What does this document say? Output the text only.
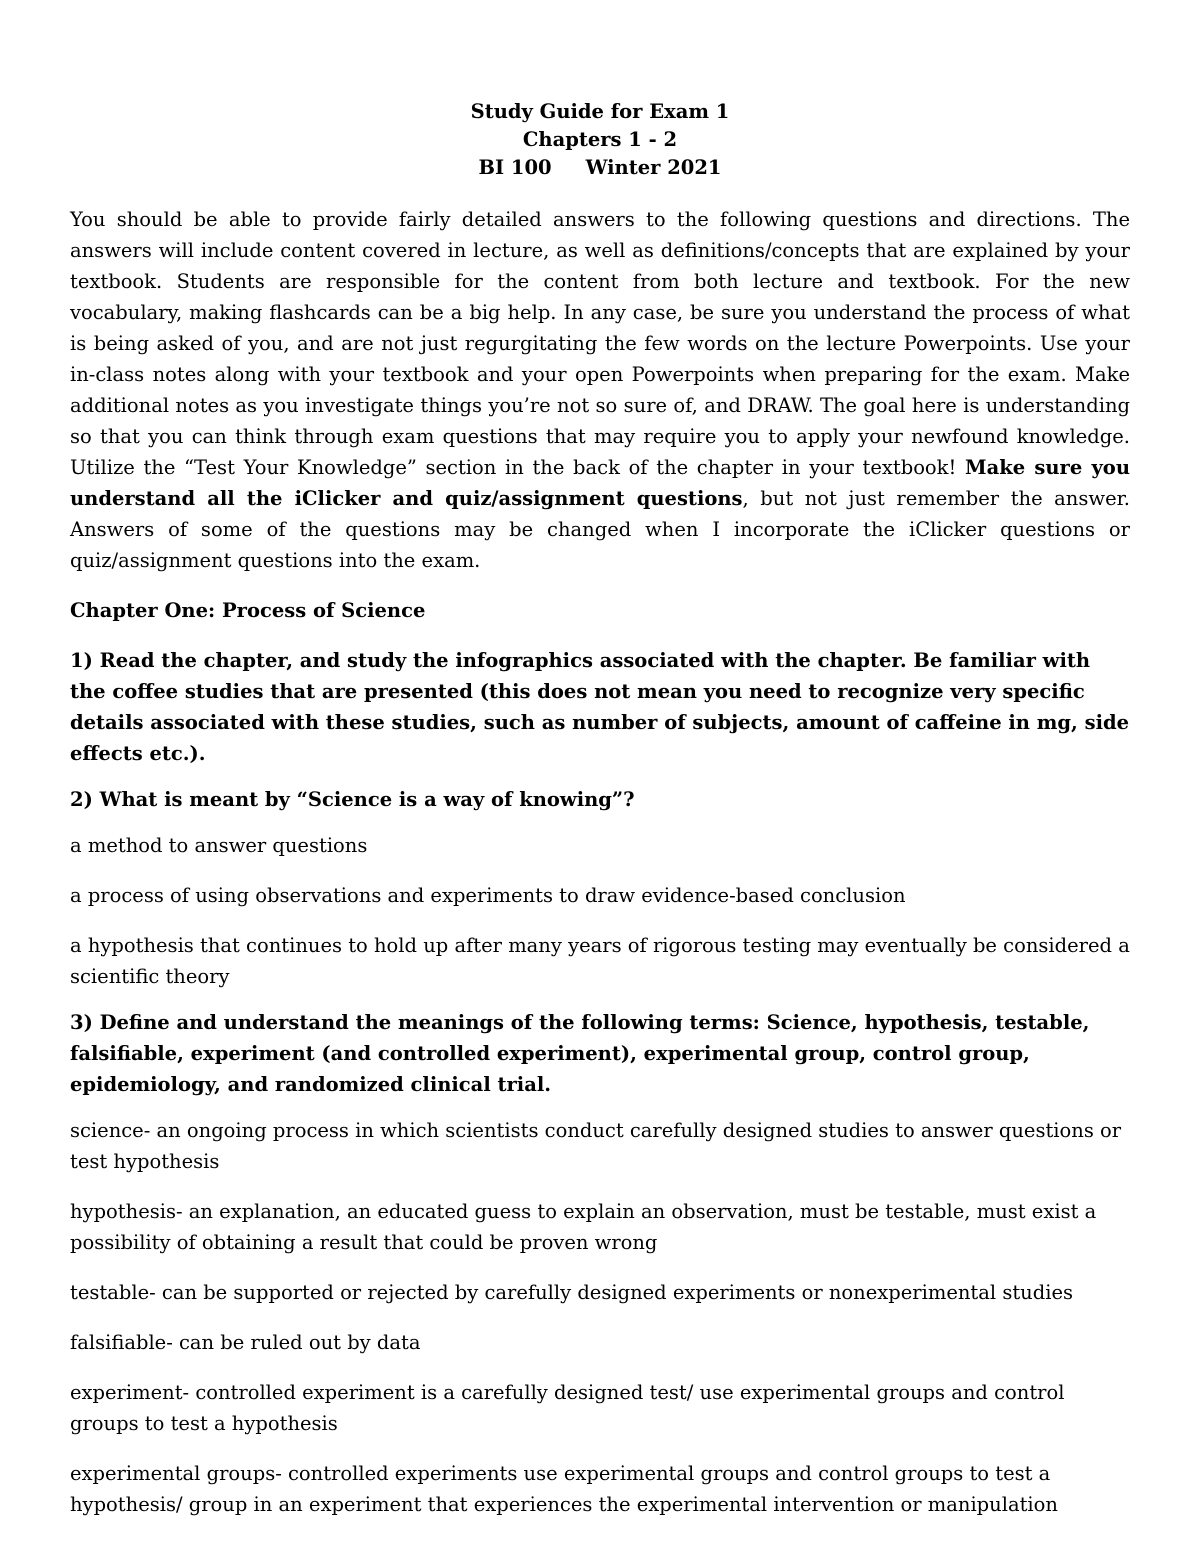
Study Guide for Exam 1
Chapters 1 - 2
BI 100     Winter 2021

You should be able to provide fairly detailed answers to the following questions and directions. The answers will include content covered in lecture, as well as definitions/concepts that are explained by your textbook. Students are responsible for the content from both lecture and textbook. For the new vocabulary, making flashcards can be a big help. In any case, be sure you understand the process of what is being asked of you, and are not just regurgitating the few words on the lecture Powerpoints. Use your in-class notes along with your textbook and your open Powerpoints when preparing for the exam. Make additional notes as you investigate things you’re not so sure of, and DRAW. The goal here is understanding so that you can think through exam questions that may require you to apply your newfound knowledge. Utilize the “Test Your Knowledge” section in the back of the chapter in your textbook! Make sure you understand all the iClicker and quiz/assignment questions, but not just remember the answer. Answers of some of the questions may be changed when I incorporate the iClicker questions or quiz/assignment questions into the exam.

Chapter One: Process of Science

1) Read the chapter, and study the infographics associated with the chapter. Be familiar with the coffee studies that are presented (this does not mean you need to recognize very specific details associated with these studies, such as number of subjects, amount of caffeine in mg, side effects etc.).

2) What is meant by “Science is a way of knowing”?

a method to answer questions

a process of using observations and experiments to draw evidence-based conclusion

a hypothesis that continues to hold up after many years of rigorous testing may eventually be considered a scientific theory

3) Define and understand the meanings of the following terms: Science, hypothesis, testable, falsifiable, experiment (and controlled experiment), experimental group, control group, epidemiology, and randomized clinical trial.

science- an ongoing process in which scientists conduct carefully designed studies to answer questions or test hypothesis

hypothesis- an explanation, an educated guess to explain an observation, must be testable, must exist a possibility of obtaining a result that could be proven wrong

testable- can be supported or rejected by carefully designed experiments or nonexperimental studies

falsifiable- can be ruled out by data

experiment- controlled experiment is a carefully designed test/ use experimental groups and control groups to test a hypothesis

experimental groups- controlled experiments use experimental groups and control groups to test a hypothesis/ group in an experiment that experiences the experimental intervention or manipulation
